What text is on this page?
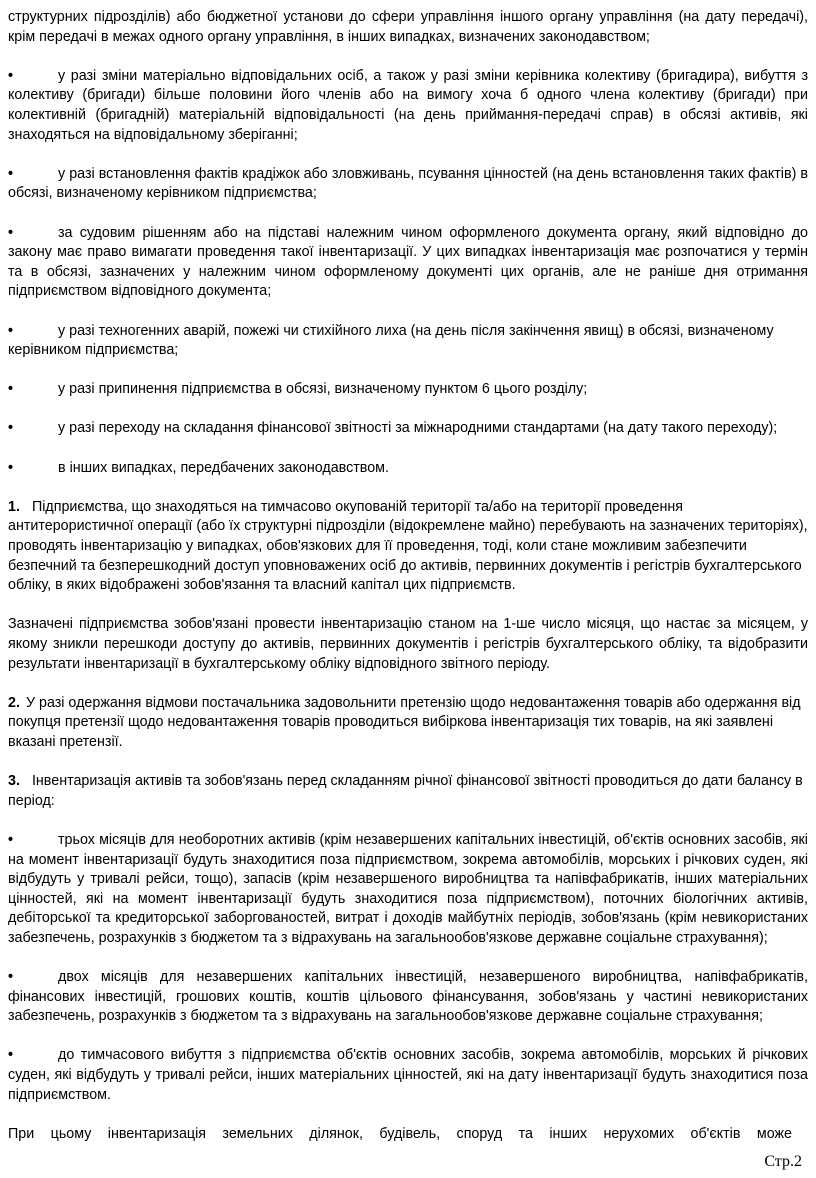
структурних підрозділів) або бюджетної установи до сфери управління іншого органу управління (на дату передачі), крім передачі в межах одного органу управління, в інших випадках, визначених законодавством;

•	у разі зміни матеріально відповідальних осіб, а також у разі зміни керівника колективу (бригадира), вибуття з колективу (бригади) більше половини його членів або на вимогу хоча б одного члена колективу (бригади) при колективній (бригадній) матеріальній відповідальності (на день приймання-передачі справ) в обсязі активів, які знаходяться на відповідальному зберіганні;

•	у разі встановлення фактів крадіжок або зловживань, псування цінностей (на день встановлення таких фактів) в обсязі, визначеному керівником підприємства;

•	за судовим рішенням або на підставі належним чином оформленого документа органу, який відповідно до закону має право вимагати проведення такої інвентаризації. У цих випадках інвентаризація має розпочатися у термін та в обсязі, зазначених у належним чином оформленому документі цих органів, але не раніше дня отримання підприємством відповідного документа;

•	у разі техногенних аварій, пожежі чи стихійного лиха (на день після закінчення явищ) в обсязі, визначеному керівником підприємства;

•	у разі припинення підприємства в обсязі, визначеному пунктом 6 цього розділу;

•	у разі переходу на складання фінансової звітності за міжнародними стандартами (на дату такого переходу);

•	в інших випадках, передбачених законодавством.

1. Підприємства, що знаходяться на тимчасово окупованій території та/або на території проведення антитерористичної операції (або їх структурні підрозділи (відокремлене майно) перебувають на зазначених територіях), проводять інвентаризацію у випадках, обов'язкових для її проведення, тоді, коли стане можливим забезпечити безпечний та безперешкодний доступ уповноважених осіб до активів, первинних документів і регістрів бухгалтерського обліку, в яких відображені зобов'язання та власний капітал цих підприємств.

Зазначені підприємства зобов'язані провести інвентаризацію станом на 1-ше число місяця, що настає за місяцем, у якому зникли перешкоди доступу до активів, первинних документів і регістрів бухгалтерського обліку, та відобразити результати інвентаризації в бухгалтерському обліку відповідного звітного періоду.

2. У разі одержання відмови постачальника задовольнити претензію щодо недовантаження товарів або одержання від покупця претензії щодо недовантаження товарів проводиться вибіркова інвентаризація тих товарів, на які заявлені вказані претензії.

3. Інвентаризація активів та зобов'язань перед складанням річної фінансової звітності проводиться до дати балансу в період:

•	трьох місяців для необоротних активів (крім незавершених капітальних інвестицій, об'єктів основних засобів, які на момент інвентаризації будуть знаходитися поза підприємством, зокрема автомобілів, морських і річкових суден, які відбудуть у тривалі рейси, тощо), запасів (крім незавершеного виробництва та напівфабрикатів, інших матеріальних цінностей, які на момент інвентаризації будуть знаходитися поза підприємством), поточних біологічних активів, дебіторської та кредиторської заборгованостей, витрат і доходів майбутніх періодів, зобов'язань (крім невикористаних забезпечень, розрахунків з бюджетом та з відрахувань на загальнообов'язкове державне соціальне страхування);

•	двох місяців для незавершених капітальних інвестицій, незавершеного виробництва, напівфабрикатів, фінансових інвестицій, грошових коштів, коштів цільового фінансування, зобов'язань у частині невикористаних забезпечень, розрахунків з бюджетом та з відрахувань на загальнообов'язкове державне соціальне страхування;

•	до тимчасового вибуття з підприємства об'єктів основних засобів, зокрема автомобілів, морських й річкових суден, які відбудуть у тривалі рейси, інших матеріальних цінностей, які на дату інвентаризації будуть знаходитися поза підприємством.

При цьому інвентаризація земельних ділянок, будівель, споруд та інших нерухомих об'єктів може

Стр.2
